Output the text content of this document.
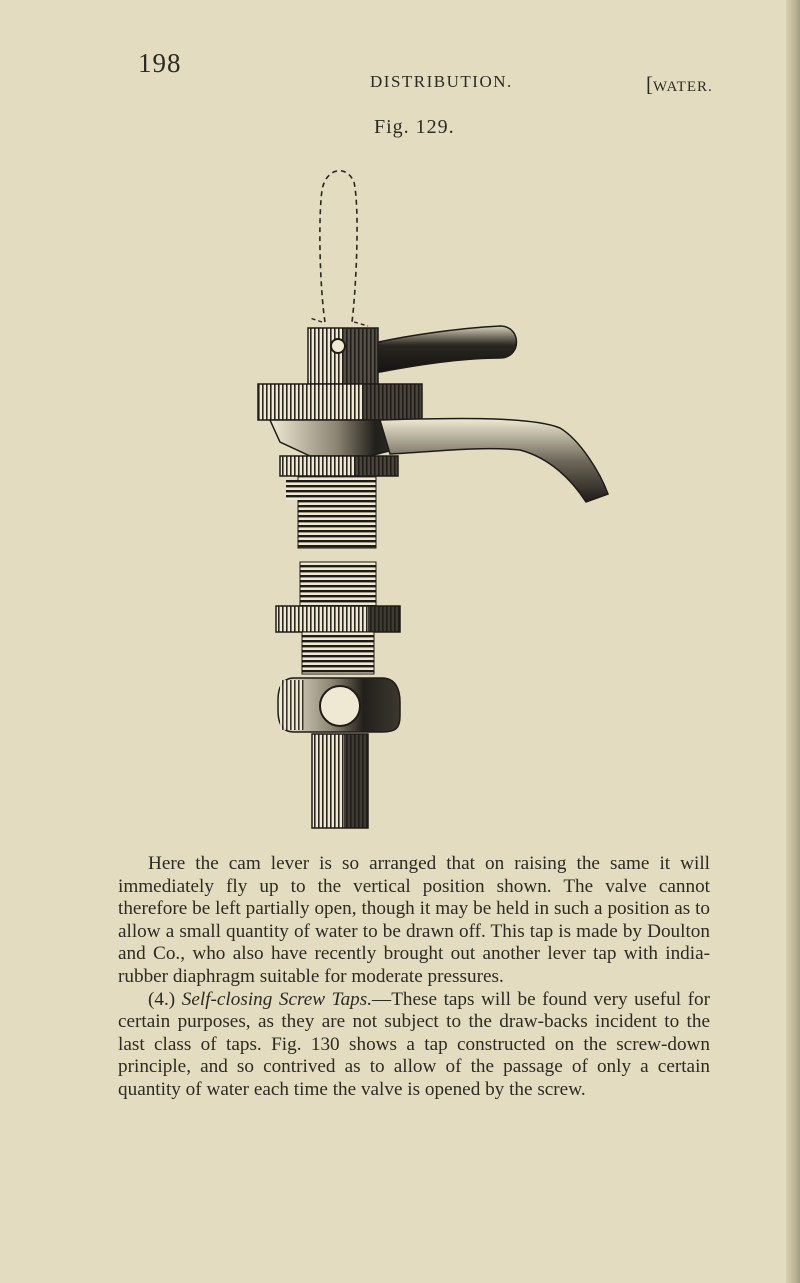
198
DISTRIBUTION.	[WATER.
Fig. 129.

Here the cam lever is so arranged that on raising the same it will immediately fly up to the vertical position shown. The valve cannot therefore be left partially open, though it may be held in such a position as to allow a small quantity of water to be drawn off. This tap is made by Doulton and Co., who also have recently brought out another lever tap with india-rubber diaphragm suitable for moderate pressures.

(4.) Self-closing Screw Taps.—These taps will be found very useful for certain purposes, as they are not subject to the draw-backs incident to the last class of taps. Fig. 130 shows a tap constructed on the screw-down principle, and so contrived as to allow of the passage of only a certain quantity of water each time the valve is opened by the screw.
